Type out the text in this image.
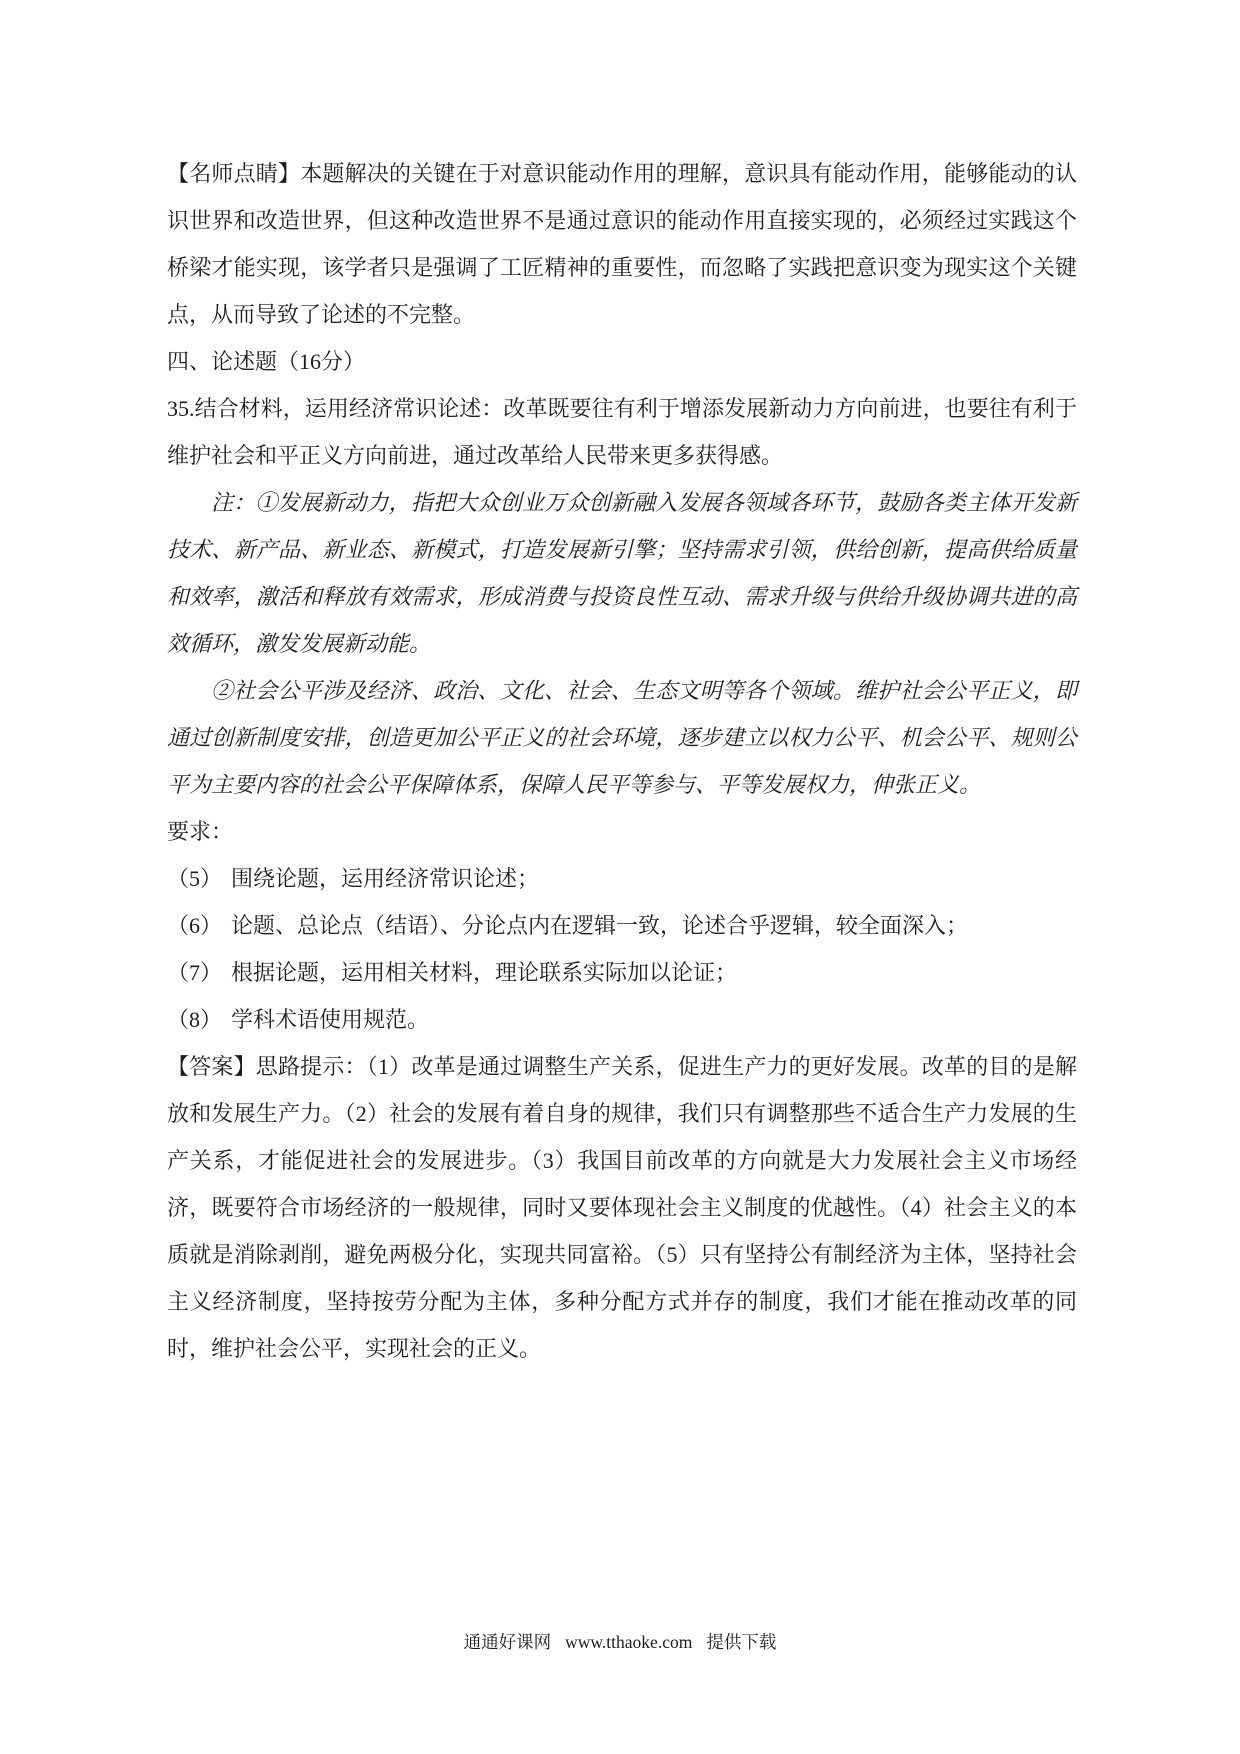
【名师点睛】本题解决的关键在于对意识能动作用的理解，意识具有能动作用，能够能动的认识世界和改造世界，但这种改造世界不是通过意识的能动作用直接实现的，必须经过实践这个桥梁才能实现，该学者只是强调了工匠精神的重要性，而忽略了实践把意识变为现实这个关键点，从而导致了论述的不完整。

四、论述题（16分）

35.结合材料，运用经济常识论述：改革既要往有利于增添发展新动力方向前进，也要往有利于维护社会和平正义方向前进，通过改革给人民带来更多获得感。

注：①发展新动力，指把大众创业万众创新融入发展各领域各环节，鼓励各类主体开发新技术、新产品、新业态、新模式，打造发展新引擎；坚持需求引领，供给创新，提高供给质量和效率，激活和释放有效需求，形成消费与投资良性互动、需求升级与供给升级协调共进的高效循环，激发发展新动能。

②社会公平涉及经济、政治、文化、社会、生态文明等各个领域。维护社会公平正义，即通过创新制度安排，创造更加公平正义的社会环境，逐步建立以权力公平、机会公平、规则公平为主要内容的社会公平保障体系，保障人民平等参与、平等发展权力，伸张正义。

要求：

（5） 围绕论题，运用经济常识论述；

（6） 论题、总论点（结语）、分论点内在逻辑一致，论述合乎逻辑，较全面深入；

（7） 根据论题，运用相关材料，理论联系实际加以论证；

（8） 学科术语使用规范。

【答案】思路提示：（1）改革是通过调整生产关系，促进生产力的更好发展。改革的目的是解放和发展生产力。（2）社会的发展有着自身的规律，我们只有调整那些不适合生产力发展的生产关系，才能促进社会的发展进步。（3）我国目前改革的方向就是大力发展社会主义市场经济，既要符合市场经济的一般规律，同时又要体现社会主义制度的优越性。（4）社会主义的本质就是消除剥削，避免两极分化，实现共同富裕。（5）只有坚持公有制经济为主体，坚持社会主义经济制度，坚持按劳分配为主体，多种分配方式并存的制度，我们才能在推动改革的同时，维护社会公平，实现社会的正义。

通通好课网 www.tthaoke.com 提供下载
